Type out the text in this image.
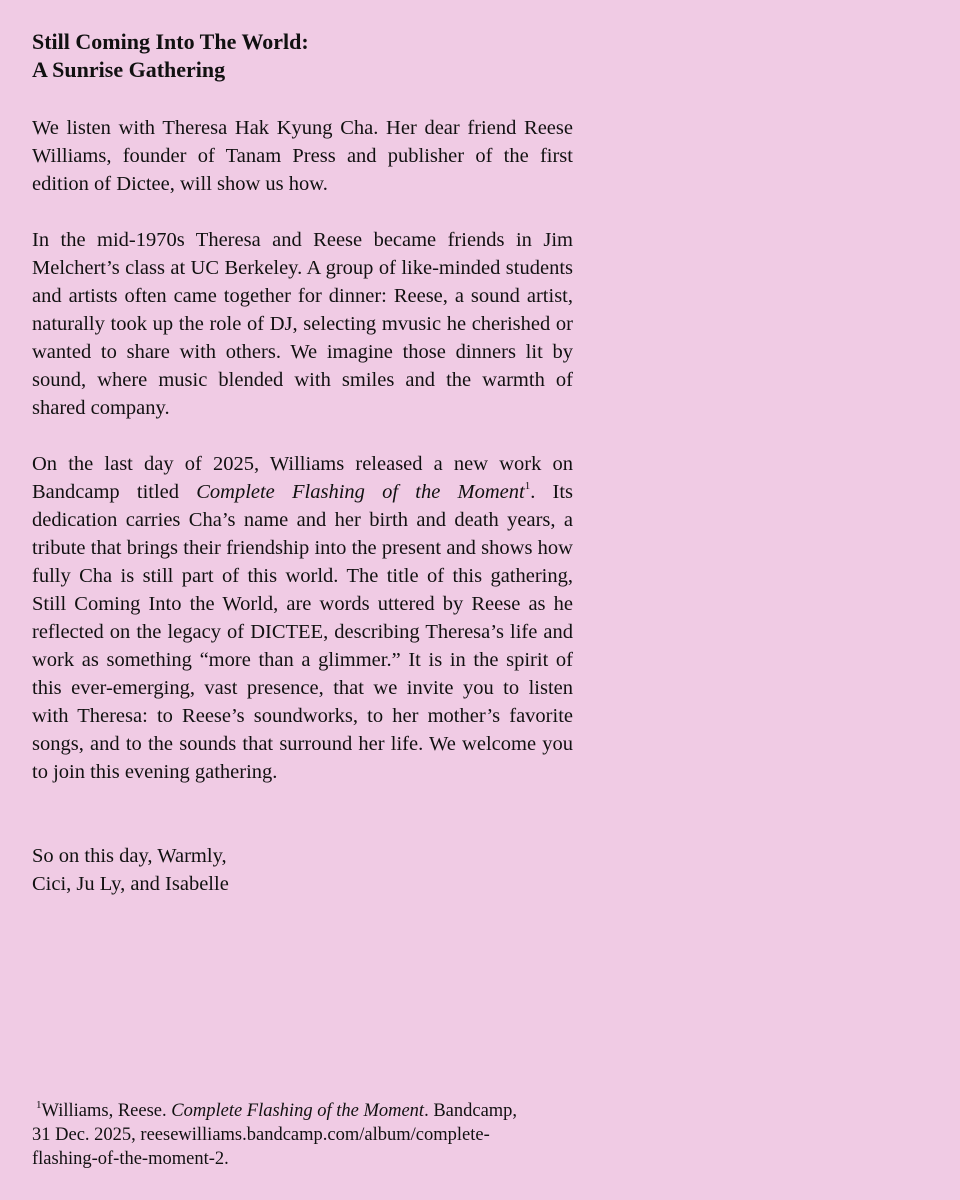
Still Coming Into The World:
A Sunrise Gathering

We listen with Theresa Hak Kyung Cha. Her dear friend Reese Williams, founder of Tanam Press and publisher of the first edition of Dictee, will show us how.

In the mid-1970s Theresa and Reese became friends in Jim Melchert’s class at UC Berkeley. A group of like-minded students and artists often came together for dinner: Reese, a sound artist, naturally took up the role of DJ, selecting mvusic he cherished or wanted to share with others. We imagine those dinners lit by sound, where music blended with smiles and the warmth of shared company.

On the last day of 2025, Williams released a new work on Bandcamp titled Complete Flashing of the Moment$^1$. Its dedication carries Cha’s name and her birth and death years, a tribute that brings their friendship into the present and shows how fully Cha is still part of this world. The title of this gathering, Still Coming Into the World, are words uttered by Reese as he reflected on the legacy of DICTEE, describing Theresa’s life and work as something “more than a glimmer.” It is in the spirit of this ever-emerging, vast presence, that we invite you to listen with Theresa: to Reese’s soundworks, to her mother’s favorite songs, and to the sounds that surround her life. We welcome you to join this evening gathering.

So on this day, Warmly,
Cici, Ju Ly, and Isabelle
$^1$Williams, Reese. Complete Flashing of the Moment. Bandcamp,
31 Dec. 2025, reesewilliams.bandcamp.com/album/complete-
flashing-of-the-moment-2.
